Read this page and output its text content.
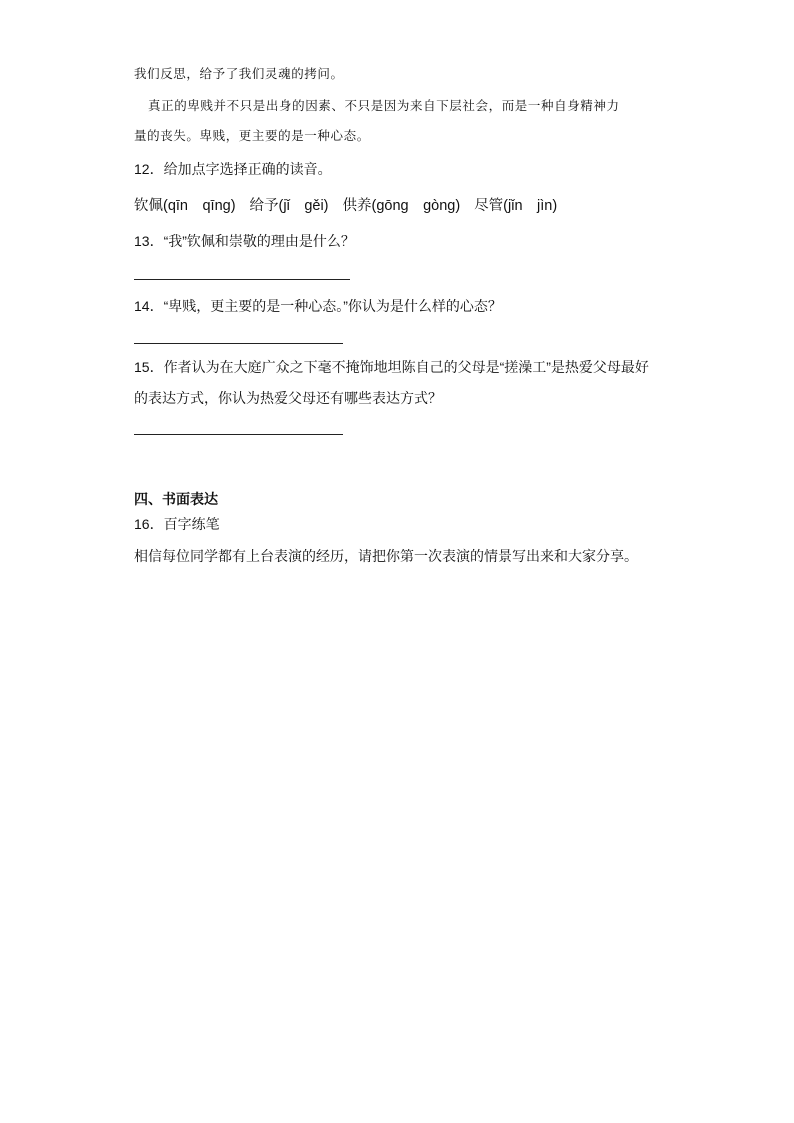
我们反思，给予了我们灵魂的拷问。
真正的卑贱并不只是出身的因素、不只是因为来自下层社会，而是一种自身精神力
量的丧失。卑贱，更主要的是一种心态。
12．给加点字选择正确的读音。
钦佩(qīn　qīng) 给予(jǐ　gěi) 供养(gōng　gòng) 尽管(jǐn　jìn)
13．“我”钦佩和崇敬的理由是什么？
14．“卑贱，更主要的是一种心态。”你认为是什么样的心态？
15．作者认为在大庭广众之下毫不掩饰地坦陈自己的父母是“搓澡工”是热爱父母最好
的表达方式，你认为热爱父母还有哪些表达方式？
四、书面表达
16．百字练笔
相信每位同学都有上台表演的经历，请把你第一次表演的情景写出来和大家分享。
